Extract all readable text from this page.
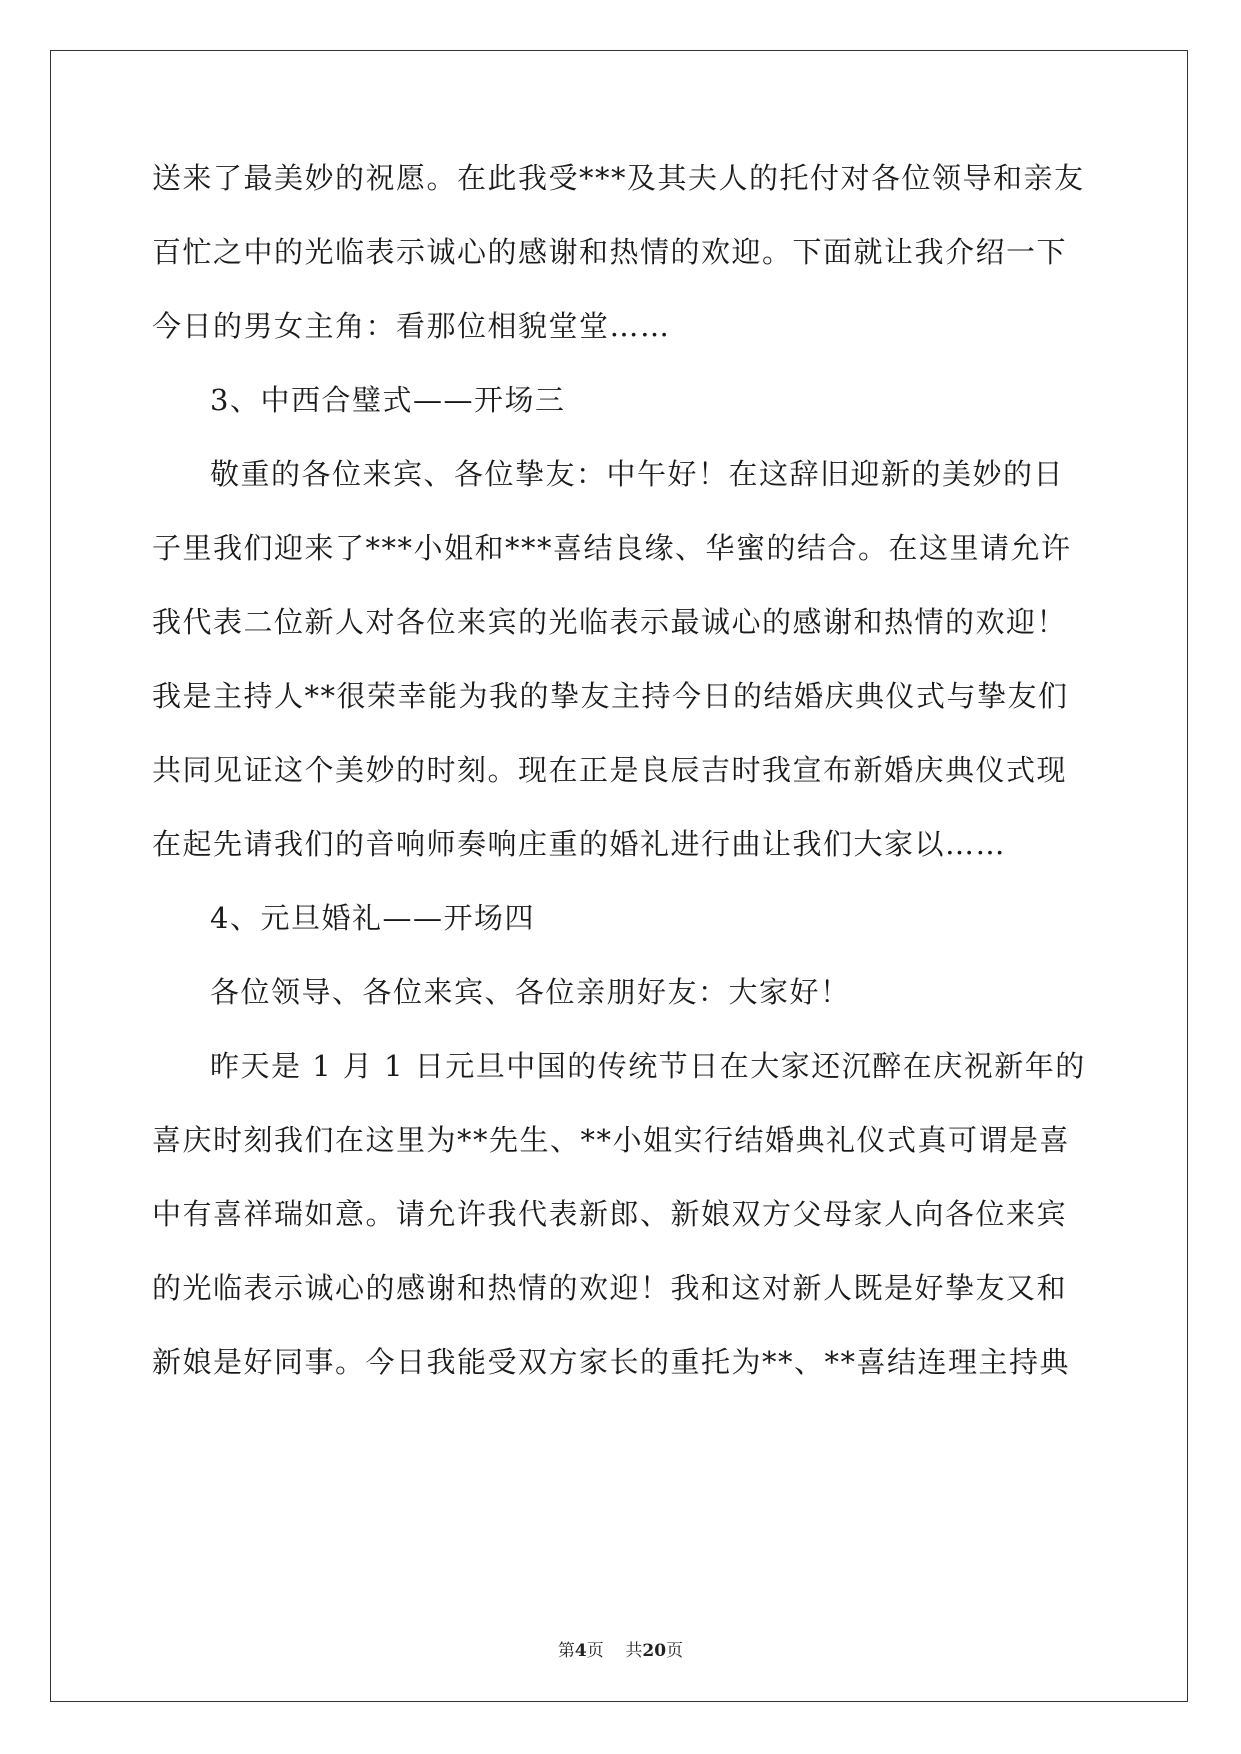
送来了最美妙的祝愿。在此我受***及其夫人的托付对各位领导和亲友
百忙之中的光临表示诚心的感谢和热情的欢迎。下面就让我介绍一下
今日的男女主角：看那位相貌堂堂……
3、中西合璧式——开场三
敬重的各位来宾、各位挚友：中午好！在这辞旧迎新的美妙的日
子里我们迎来了***小姐和***喜结良缘、华蜜的结合。在这里请允许
我代表二位新人对各位来宾的光临表示最诚心的感谢和热情的欢迎！
我是主持人**很荣幸能为我的挚友主持今日的结婚庆典仪式与挚友们
共同见证这个美妙的时刻。现在正是良辰吉时我宣布新婚庆典仪式现
在起先请我们的音响师奏响庄重的婚礼进行曲让我们大家以……
4、元旦婚礼——开场四
各位领导、各位来宾、各位亲朋好友：大家好！
昨天是 1 月 1 日元旦中国的传统节日在大家还沉醉在庆祝新年的
喜庆时刻我们在这里为**先生、**小姐实行结婚典礼仪式真可谓是喜
中有喜祥瑞如意。请允许我代表新郎、新娘双方父母家人向各位来宾
的光临表示诚心的感谢和热情的欢迎！我和这对新人既是好挚友又和
新娘是好同事。今日我能受双方家长的重托为**、**喜结连理主持典
第4页 共20页
